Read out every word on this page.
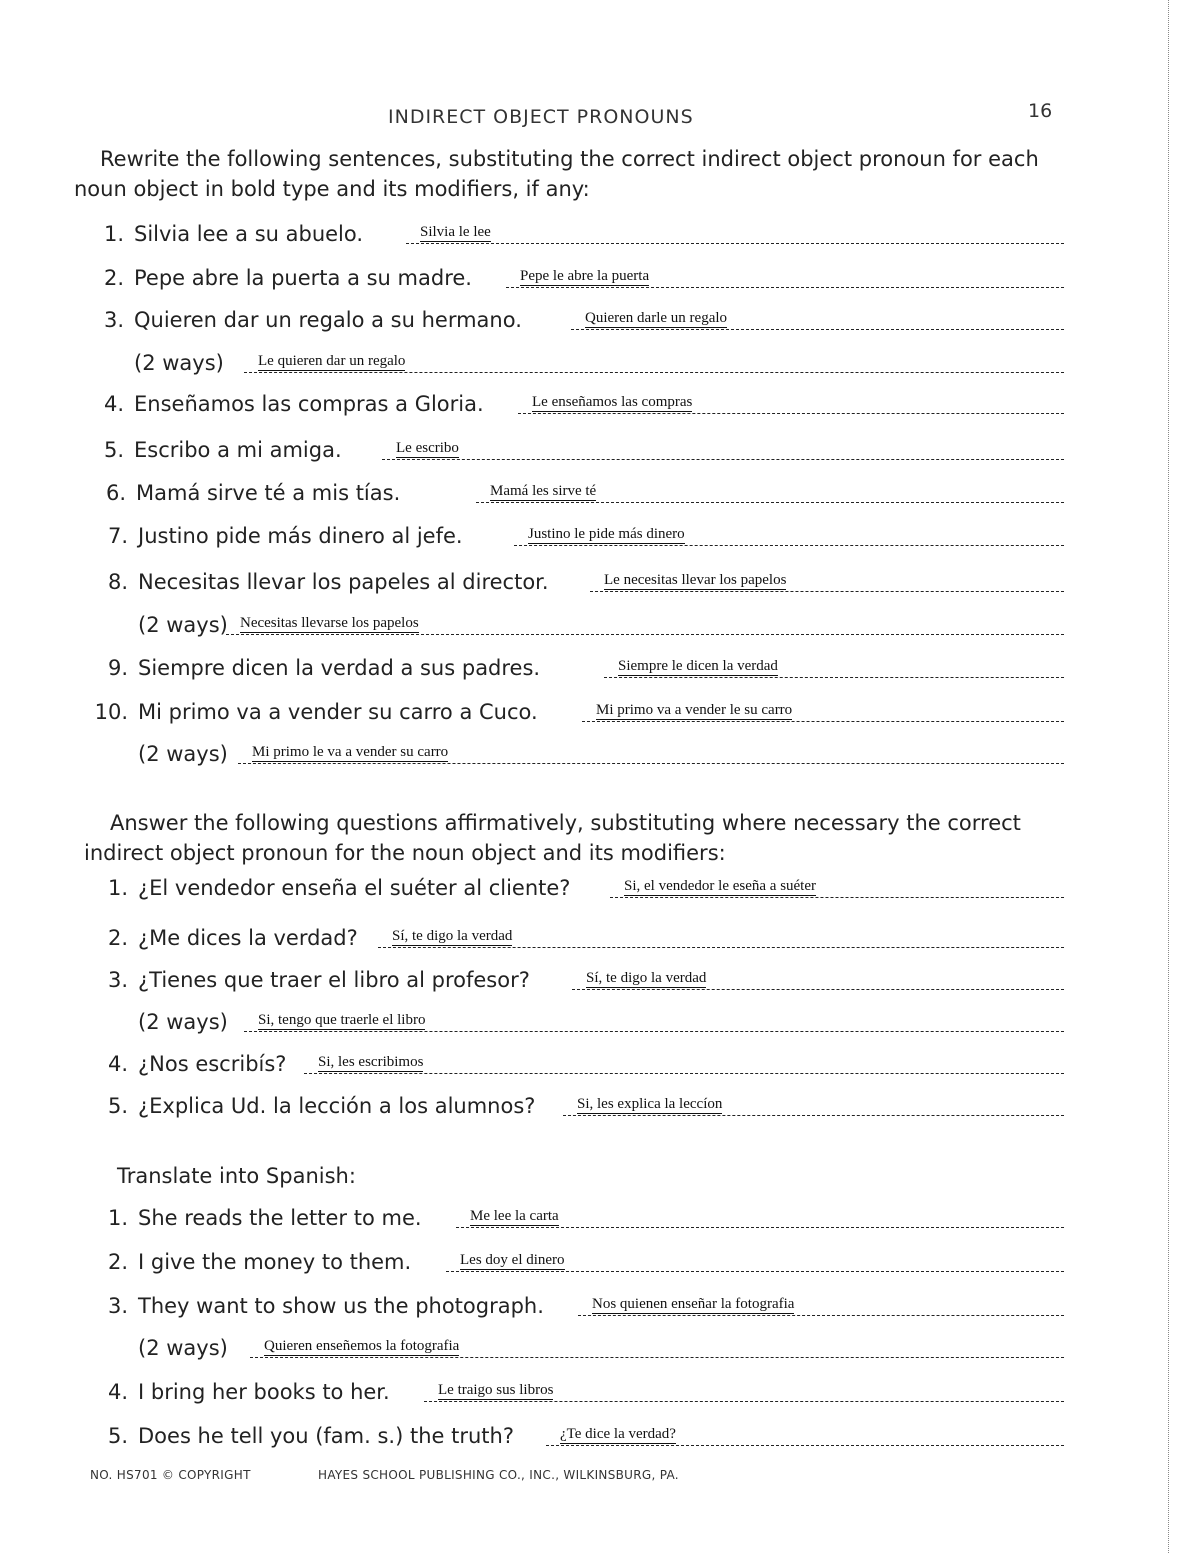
INDIRECT OBJECT PRONOUNS	16
Rewrite the following sentences, substituting the correct indirect object pronoun for each
noun object in bold type and its modifiers, if any:
1. Silvia lee a su abuelo.	Silvia le lee
2. Pepe abre la puerta a su madre.	Pepe le abre la puerta
3. Quieren dar un regalo a su hermano.	Quieren darle un regalo
(2 ways) Le quieren dar un regalo
4. Enseñamos las compras a Gloria.	Le enseñamos las compras
5. Escribo a mi amiga.	Le escribo
6. Mamá sirve té a mis tías.	Mamá les sirve té
7. Justino pide más dinero al jefe.	Justino le pide más dinero
8. Necesitas llevar los papeles al director.	Le necesitas llevar los papelos
(2 ways) Necesitas llevarse los papelos
9. Siempre dicen la verdad a sus padres.	Siempre le dicen la verdad
10. Mi primo va a vender su carro a Cuco.	Mi primo va a vender le su carro
(2 ways) Mi primo le va a vender su carro
Answer the following questions affirmatively, substituting where necessary the correct
indirect object pronoun for the noun object and its modifiers:
1. ¿El vendedor enseña el suéter al cliente?	Si, el vendedor le eseña a suéter
2. ¿Me dices la verdad? Sí, te digo la verdad
3. ¿Tienes que traer el libro al profesor?	Sí, te digo la verdad
(2 ways) Si, tengo que traerle el libro
4. ¿Nos escribís? Si, les escribimos
5. ¿Explica Ud. la lección a los alumnos?	Si, les explica la leccíon
Translate into Spanish:
1. She reads the letter to me.	Me lee la carta
2. I give the money to them.	Les doy el dinero
3. They want to show us the photograph.	Nos quienen enseñar la fotografia
(2 ways) Quieren enseñemos la fotografia
4. I bring her books to her.	Le traigo sus libros
5. Does he tell you (fam. s.) the truth?	¿Te dice la verdad?
NO. HS701 © COPYRIGHT	HAYES SCHOOL PUBLISHING CO., INC., WILKINSBURG, PA.
